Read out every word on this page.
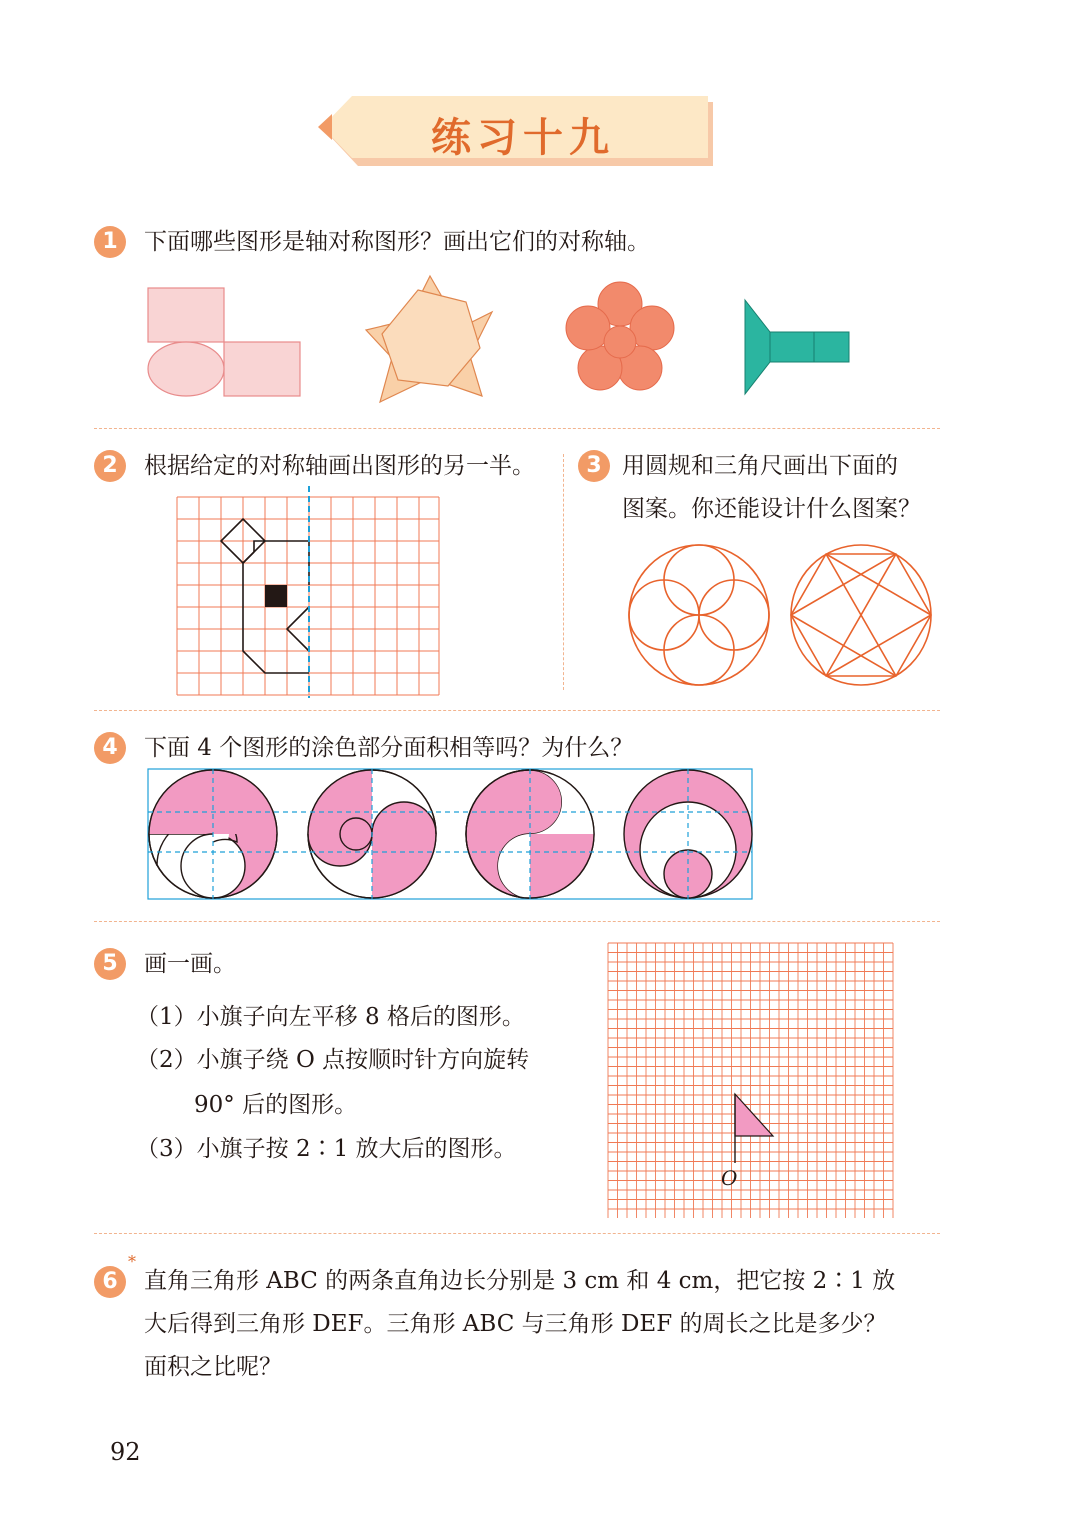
练习十九
1	下面哪些图形是轴对称图形？画出它们的对称轴。
2	根据给定的对称轴画出图形的另一半。	3 用圆规和三角尺画出下面的
图案。你还能设计什么图案？
4	下面 4 个图形的涂色部分面积相等吗？为什么？
5	画一画。
（1）小旗子向左平移 8 格后的图形。
（2）小旗子绕 O 点按顺时针方向旋转
90° 后的图形。
（3）小旗子按 2∶1 放大后的图形。
O
6
*
直角三角形 ABC 的两条直角边长分别是 3 cm 和 4 cm，把它按 2∶1 放
大后得到三角形 DEF。三角形 ABC 与三角形 DEF 的周长之比是多少？
面积之比呢？
92
